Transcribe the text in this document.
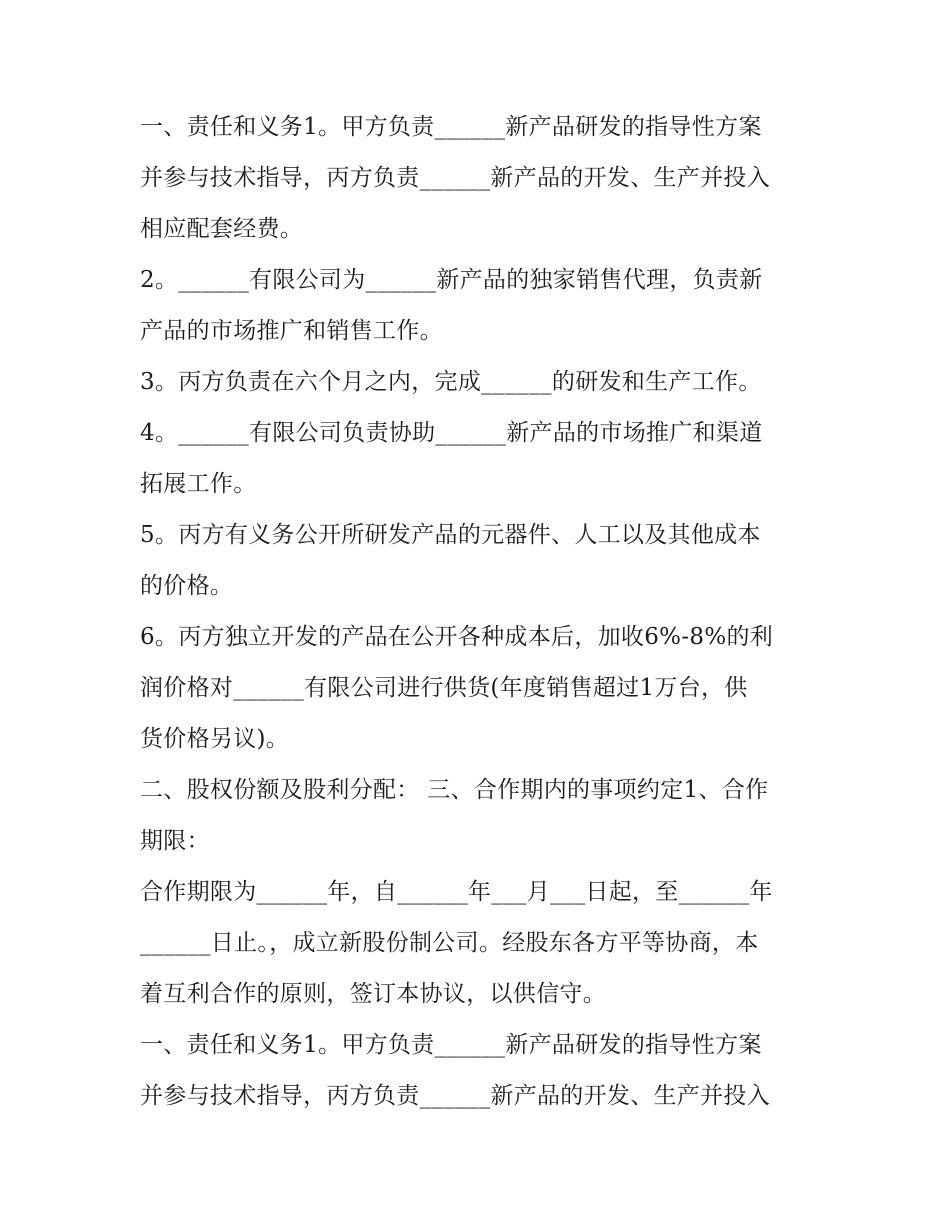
一、责任和义务1。甲方负责______新产品研发的指导性方案
并参与技术指导，丙方负责______新产品的开发、生产并投入
相应配套经费。
2。______有限公司为______新产品的独家销售代理，负责新
产品的市场推广和销售工作。
3。丙方负责在六个月之内，完成______的研发和生产工作。
4。______有限公司负责协助______新产品的市场推广和渠道
拓展工作。
5。丙方有义务公开所研发产品的元器件、人工以及其他成本
的价格。
6。丙方独立开发的产品在公开各种成本后，加收6%-8%的利
润价格对______有限公司进行供货(年度销售超过1万台，供
货价格另议)。
二、股权份额及股利分配： 三、合作期内的事项约定1、合作
期限：
合作期限为______年，自______年___月___日起，至______年
______日止。，成立新股份制公司。经股东各方平等协商，本
着互利合作的原则，签订本协议，以供信守。
一、责任和义务1。甲方负责______新产品研发的指导性方案
并参与技术指导，丙方负责______新产品的开发、生产并投入
